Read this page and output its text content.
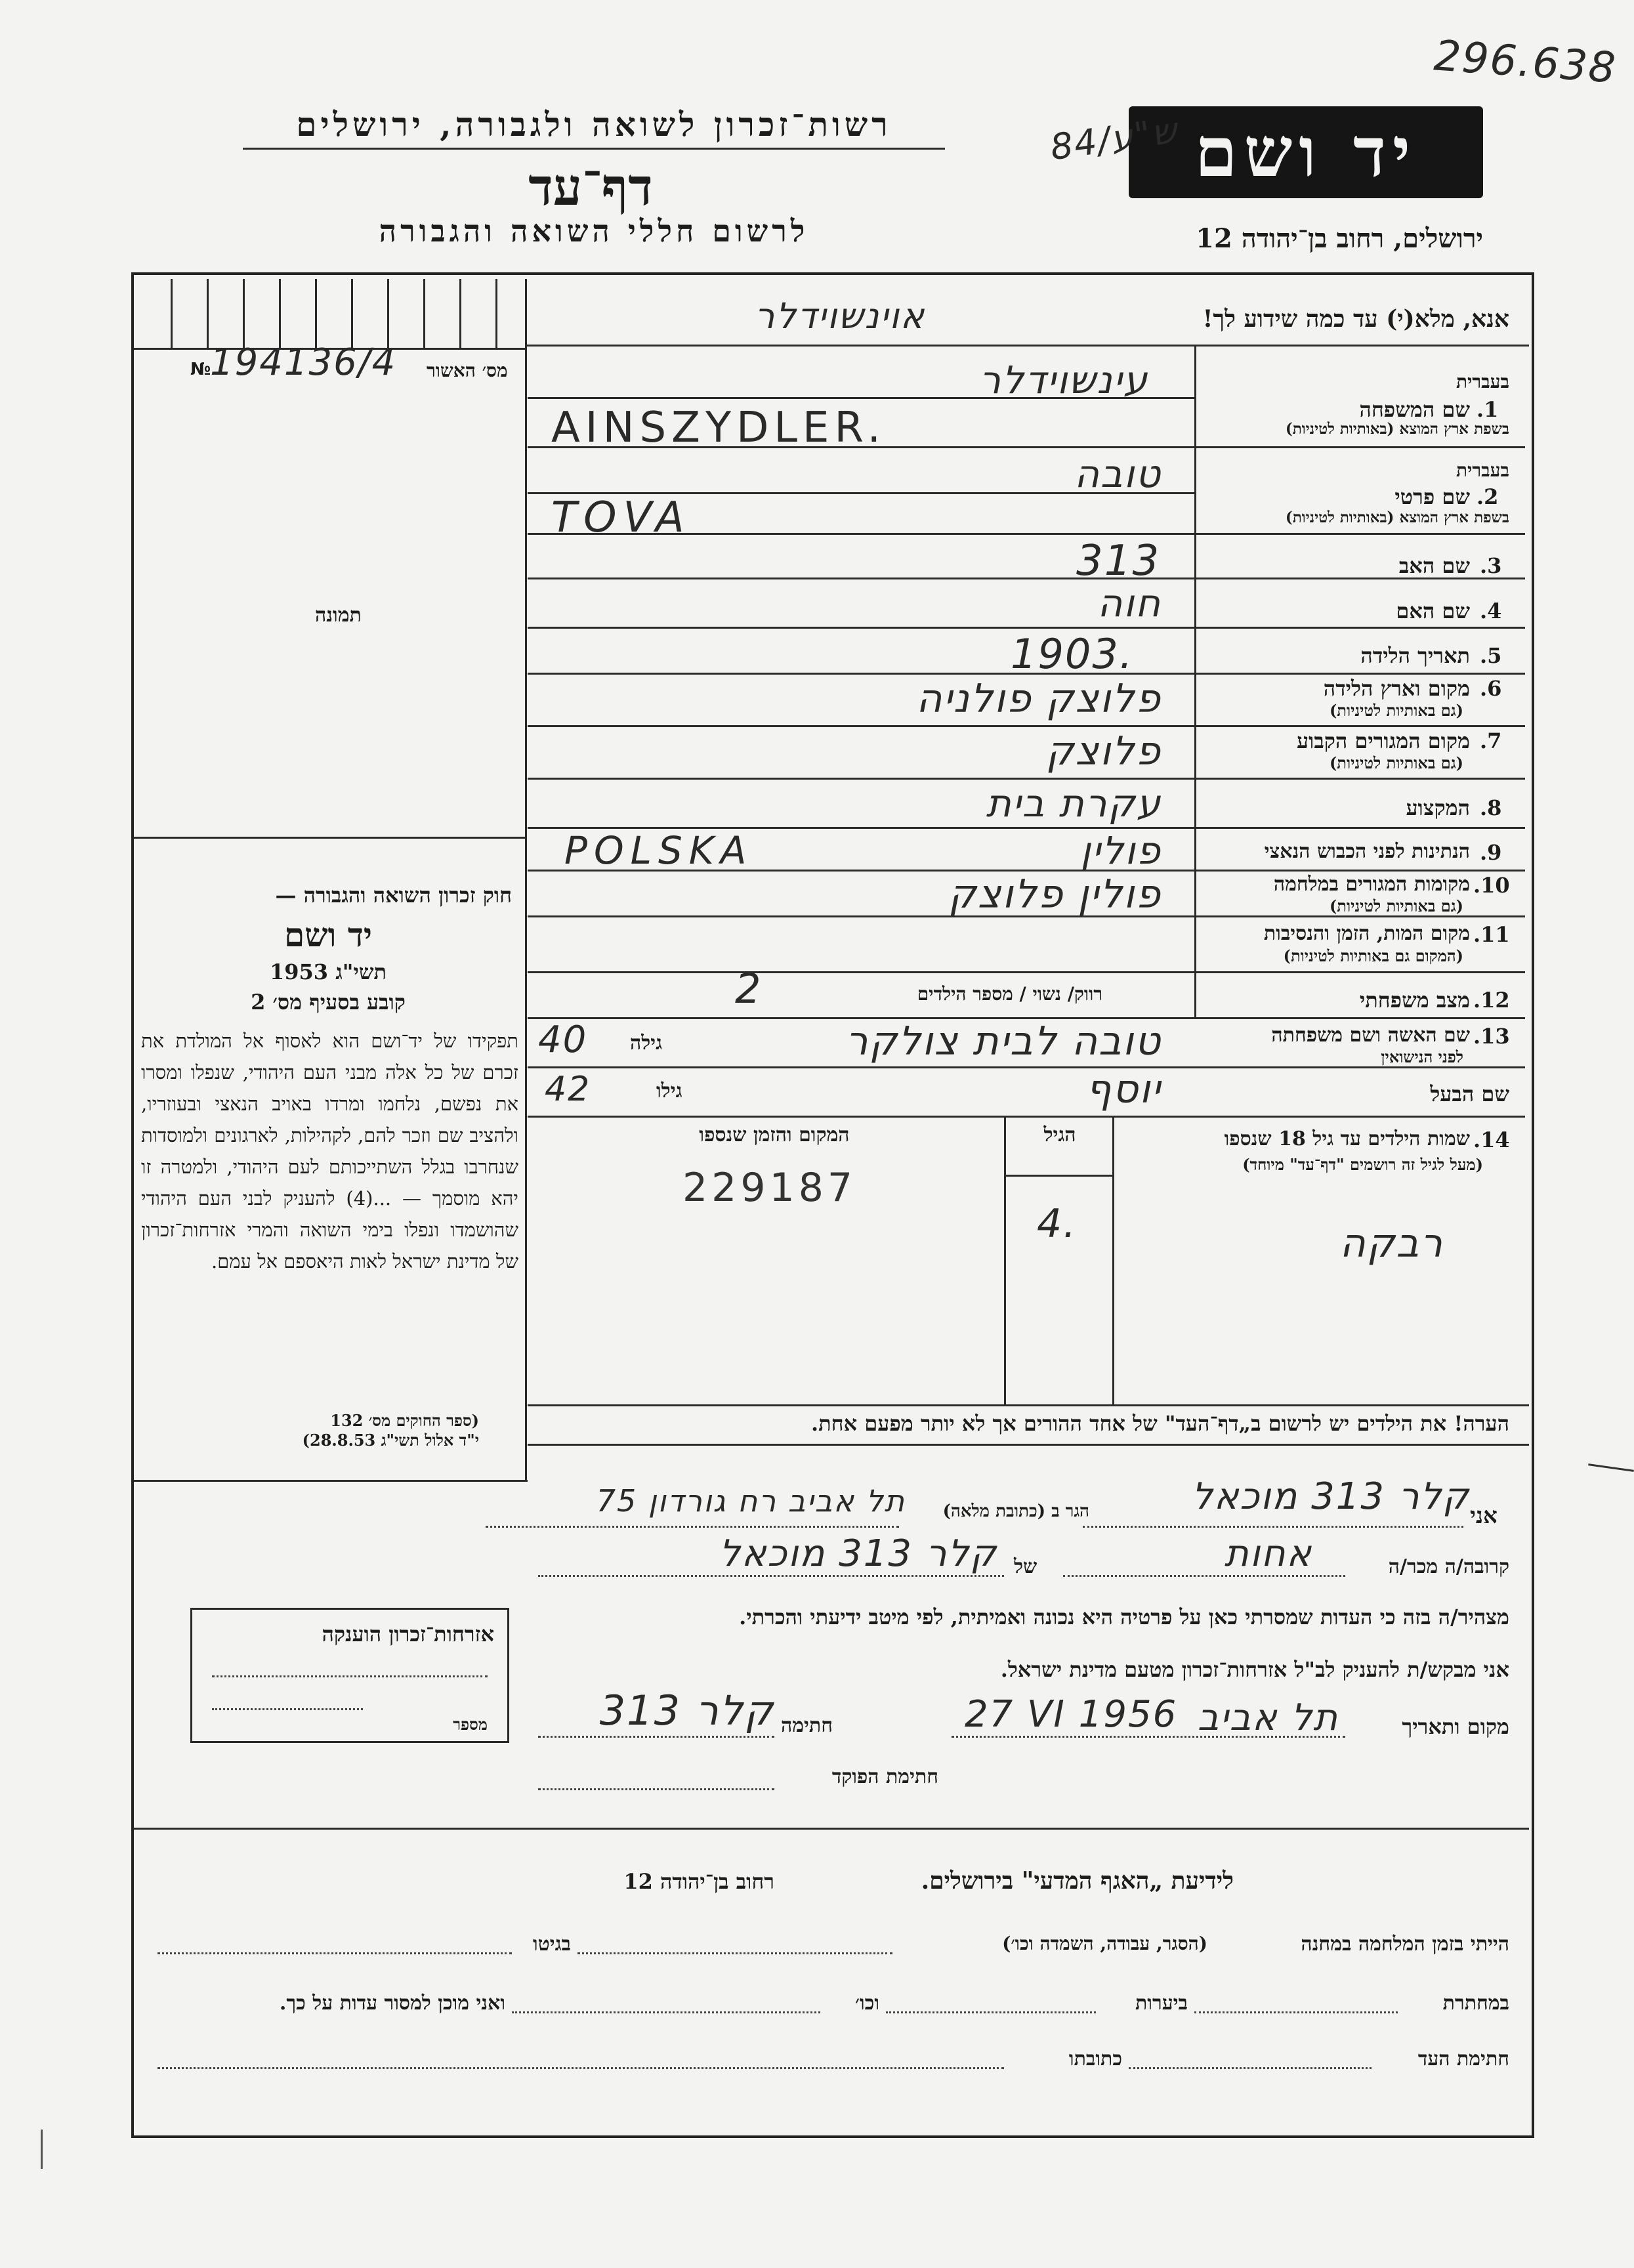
296.638
רשות־זכרון לשואה ולגבורה, ירושלים
דף־עד
לרשום חללי השואה והגבורה
יד ושם
ש"ע/84
ירושלים, רחוב בן־יהודה 12
№
194136/4 מס׳ האשור
תמונה
אנא, מלא(י) עד כמה שידוע לך!
אוינשוידלר
בעברית
1.
שם המשפחה
בשפת ארץ המוצא (באותיות לטיניות)
בעברית
2.
שם פרטי
בשפת ארץ המוצא (באותיות לטיניות)
3.
שם האב
4.
שם האם
5.
תאריך הלידה
6.
מקום וארץ הלידה
(גם באותיות לטיניות)
7.
מקום המגורים הקבוע
(גם באותיות לטיניות)
8.
המקצוע
9.
הנתינות לפני הכבוש הנאצי
10.
מקומות המגורים במלחמה
(גם באותיות לטיניות)
11.
מקום המות, הזמן והנסיבות
(המקום גם באותיות לטיניות)
12.
מצב משפחתי
13.
שם האשה ושם משפחתה
לפני הנישואין
שם הבעל
עינשוידלר
AINSZYDLER.
טובה
TOVA
313
חוה
1903.
פלוצק פולניה
פלוצק
עקרת בית
פולין
POLSKA
פולין פלוצק
רווק/ נשוי / מספר הילדים
2
טובה לבית צולקר
גילה
40
יוסף
גילו
42
14.
שמות הילדים עד גיל 18 שנספו
(מעל לגיל זה רושמים "דף־עד" מיוחד)
הגיל
המקום והזמן שנספו
229187
4.	רבקה
הערה! את הילדים יש לרשום ב„דף־העד" של אחד ההורים אך לא יותר מפעם אחת.
חוק זכרון השואה והגבורה —
יד ושם
תשי"ג 1953
קובע בסעיף מס׳ 2
תפקידו של יד־ושם הוא לאסוף אל המולדת את זכרם של כל אלה מבני העם היהודי, שנפלו ומסרו את נפשם, נלחמו ומרדו באויב הנאצי ובעוזריו, ולהציב שם וזכר להם, לקהילות, לארגונים ולמוסדות שנחרבו בגלל השתייכותם לעם היהודי, ולמטרה זו יהא מוסמך — ...(4) להעניק לבני העם היהודי שהושמדו ונפלו בימי השואה והמרי אזרחות־זכרון של מדינת ישראל לאות היאספם אל עמם.
(ספר החוקים מס׳ 132
י"ד אלול תשי"ג 28.8.53)
אני
קלר 313 מוכאל
הגר ב (כתובת מלאה)
תל אביב רח גורדון 75
קרובה/ה מכר/ה
אחות
של
קלר 313 מוכאל
מצהיר/ה בזה כי העדות שמסרתי כאן על פרטיה היא נכונה ואמיתית, לפי מיטב ידיעתי והכרתי.
אני מבקש/ת להעניק לב"ל אזרחות־זכרון מטעם מדינת ישראל.
מקום ותאריך
תל אביב
27 VI 1956
חתימה
קלר 313
חתימת הפוקד
אזרחות־זכרון הוענקה
מספר
לידיעת „האגף המדעי" בירושלים.
רחוב בן־יהודה 12
הייתי בזמן המלחמה במחנה
(הסגר, עבודה, השמדה וכו׳)
בגיטו
במחתרת
ביערות
וכו׳
ואני מוכן למסור עדות על כך.
חתימת העד
כתובתו
